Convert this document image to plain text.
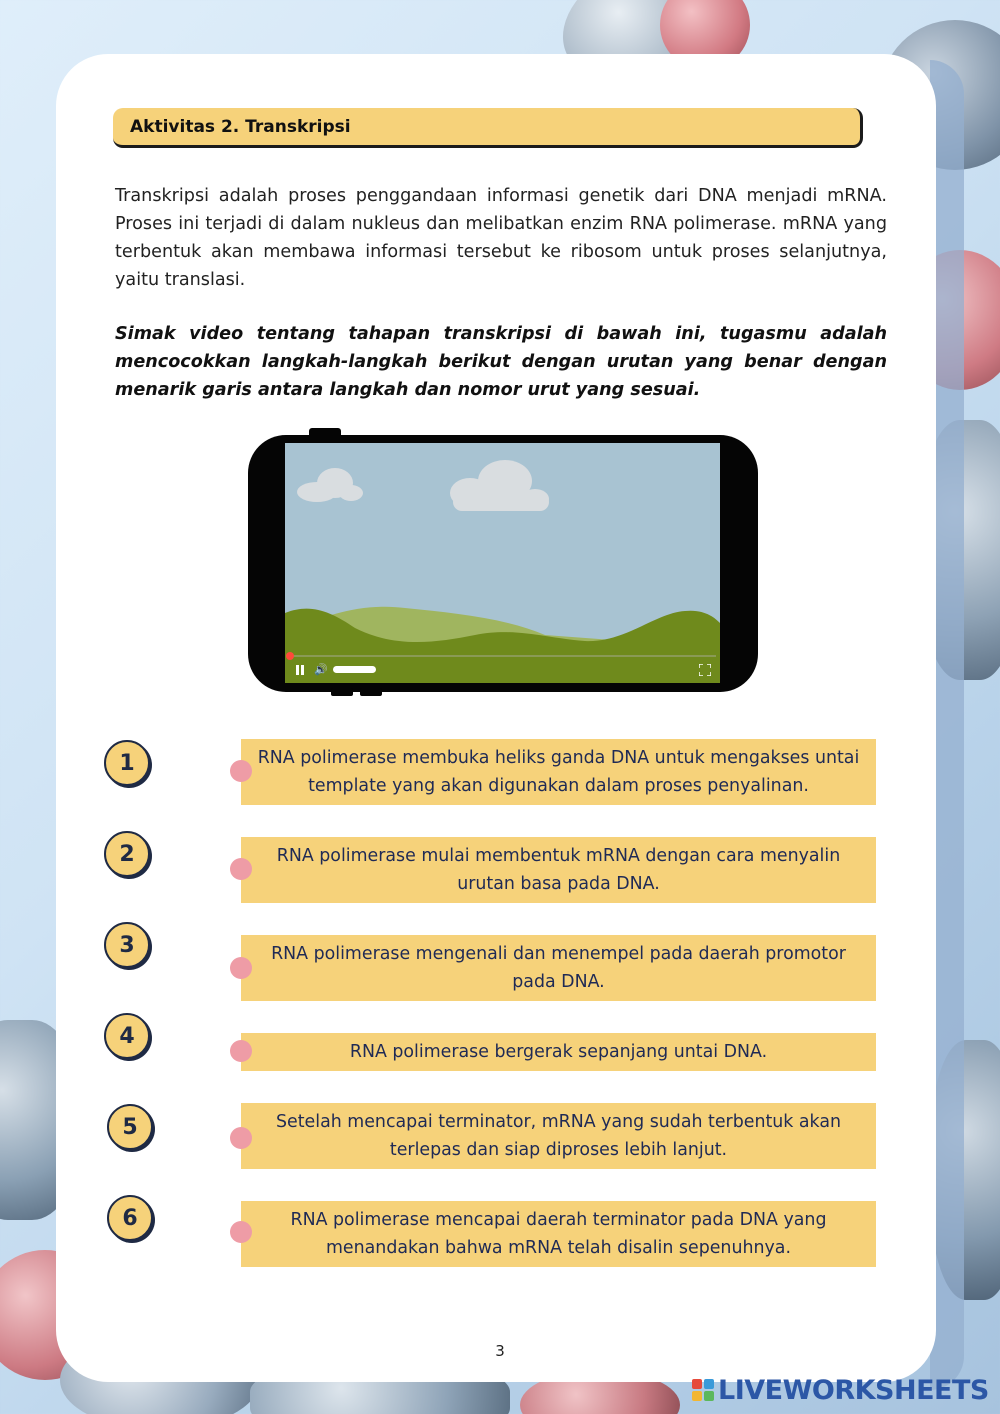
Aktivitas 2. Transkripsi

Transkripsi adalah proses penggandaan informasi genetik dari DNA menjadi mRNA. Proses ini terjadi di dalam nukleus dan melibatkan enzim RNA polimerase. mRNA yang terbentuk akan membawa informasi tersebut ke ribosom untuk proses selanjutnya, yaitu translasi.

Simak video tentang tahapan transkripsi di bawah ini, tugasmu adalah mencocokkan langkah-langkah berikut dengan urutan yang benar dengan menarik garis antara langkah dan nomor urut yang sesuai.

🔊
1
2
3
4
5
6
RNA polimerase membuka heliks ganda DNA untuk mengakses untai template yang akan digunakan dalam proses penyalinan.
RNA polimerase mulai membentuk mRNA dengan cara menyalin urutan basa pada DNA.
RNA polimerase mengenali dan menempel pada daerah promotor pada DNA.
RNA polimerase bergerak sepanjang untai DNA.
Setelah mencapai terminator, mRNA yang sudah terbentuk akan terlepas dan siap diproses lebih lanjut.
RNA polimerase mencapai daerah terminator pada DNA yang menandakan bahwa mRNA telah disalin sepenuhnya.
3
LIVEWORKSHEETS
